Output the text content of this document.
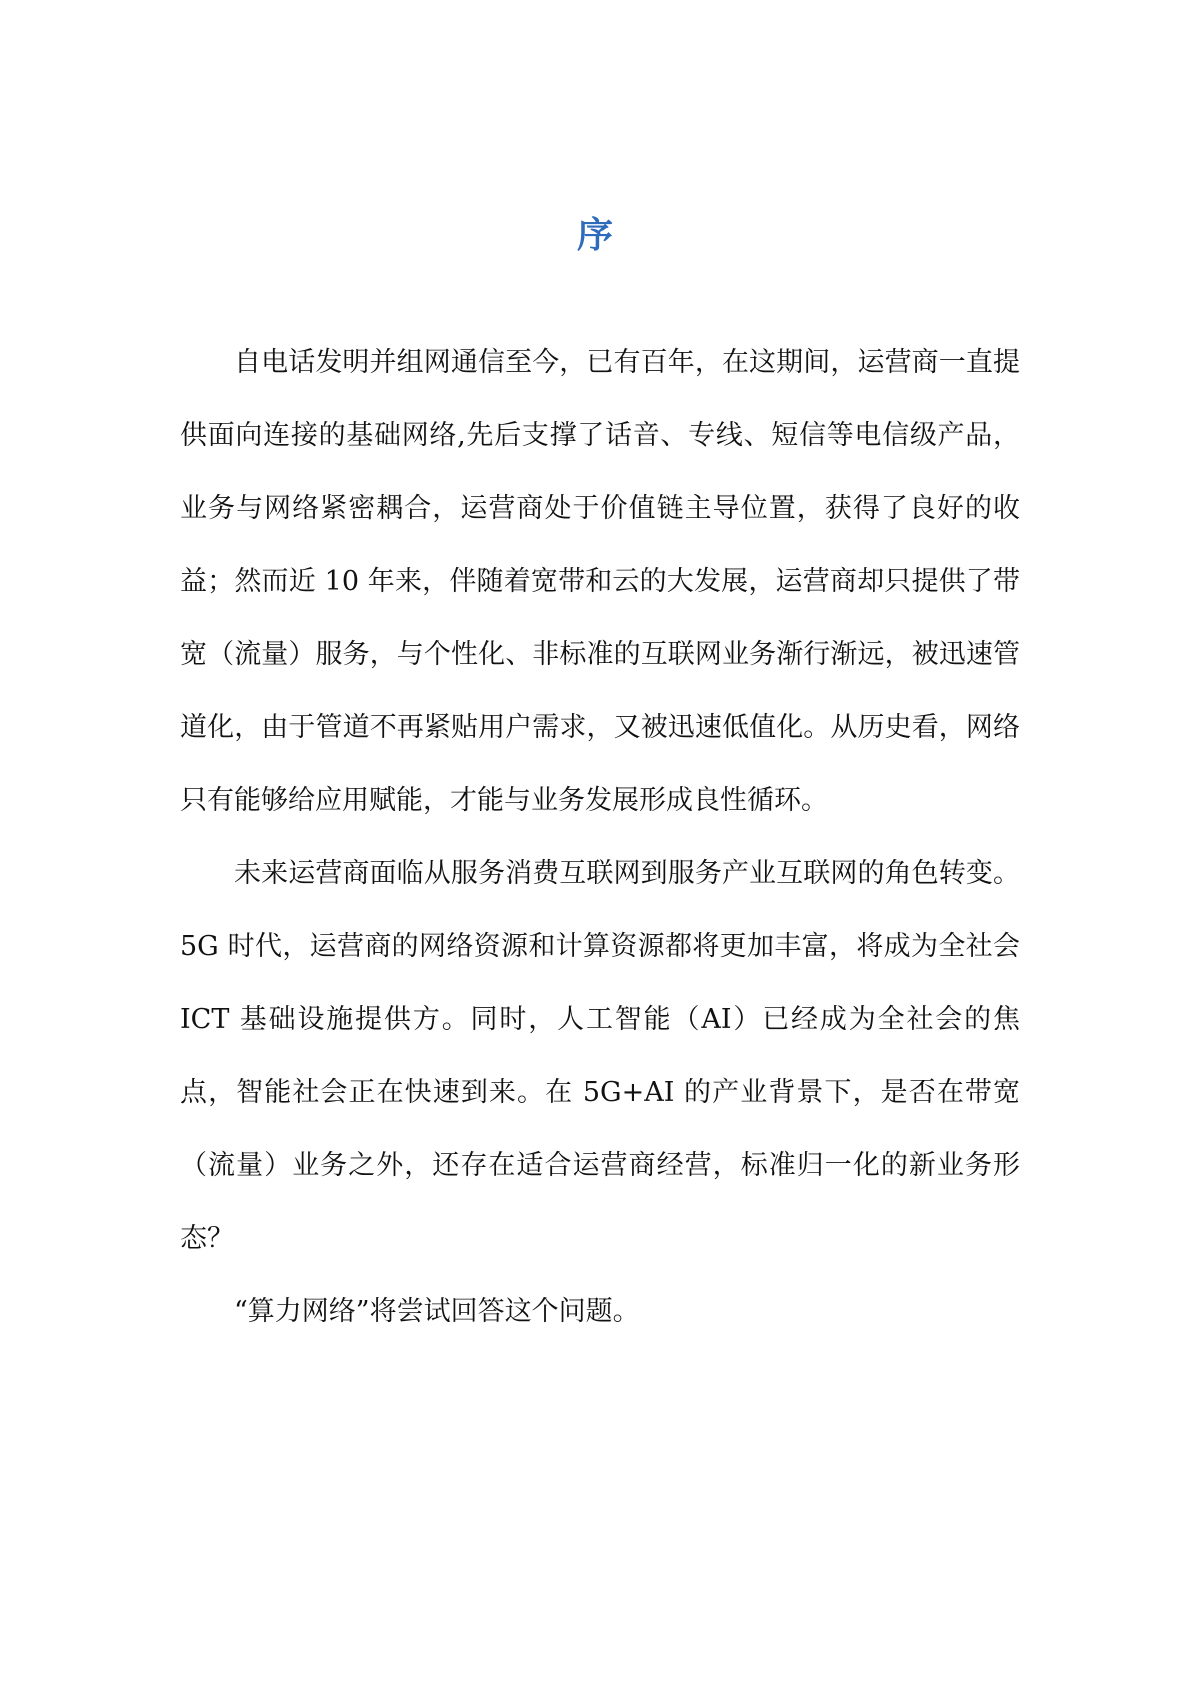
序

自电话发明并组网通信至今，已有百年，在这期间，运营商一直提供面向连接的基础网络,先后支撑了话音、专线、短信等电信级产品，业务与网络紧密耦合，运营商处于价值链主导位置，获得了良好的收益；然而近 10 年来，伴随着宽带和云的大发展，运营商却只提供了带宽（流量）服务，与个性化、非标准的互联网业务渐行渐远，被迅速管道化，由于管道不再紧贴用户需求，又被迅速低值化。从历史看，网络只有能够给应用赋能，才能与业务发展形成良性循环。

未来运营商面临从服务消费互联网到服务产业互联网的角色转变。5G 时代，运营商的网络资源和计算资源都将更加丰富，将成为全社会 ICT 基础设施提供方。同时，人工智能（AI）已经成为全社会的焦点，智能社会正在快速到来。在 5G+AI 的产业背景下，是否在带宽（流量）业务之外，还存在适合运营商经营，标准归一化的新业务形态？

“算力网络”将尝试回答这个问题。
